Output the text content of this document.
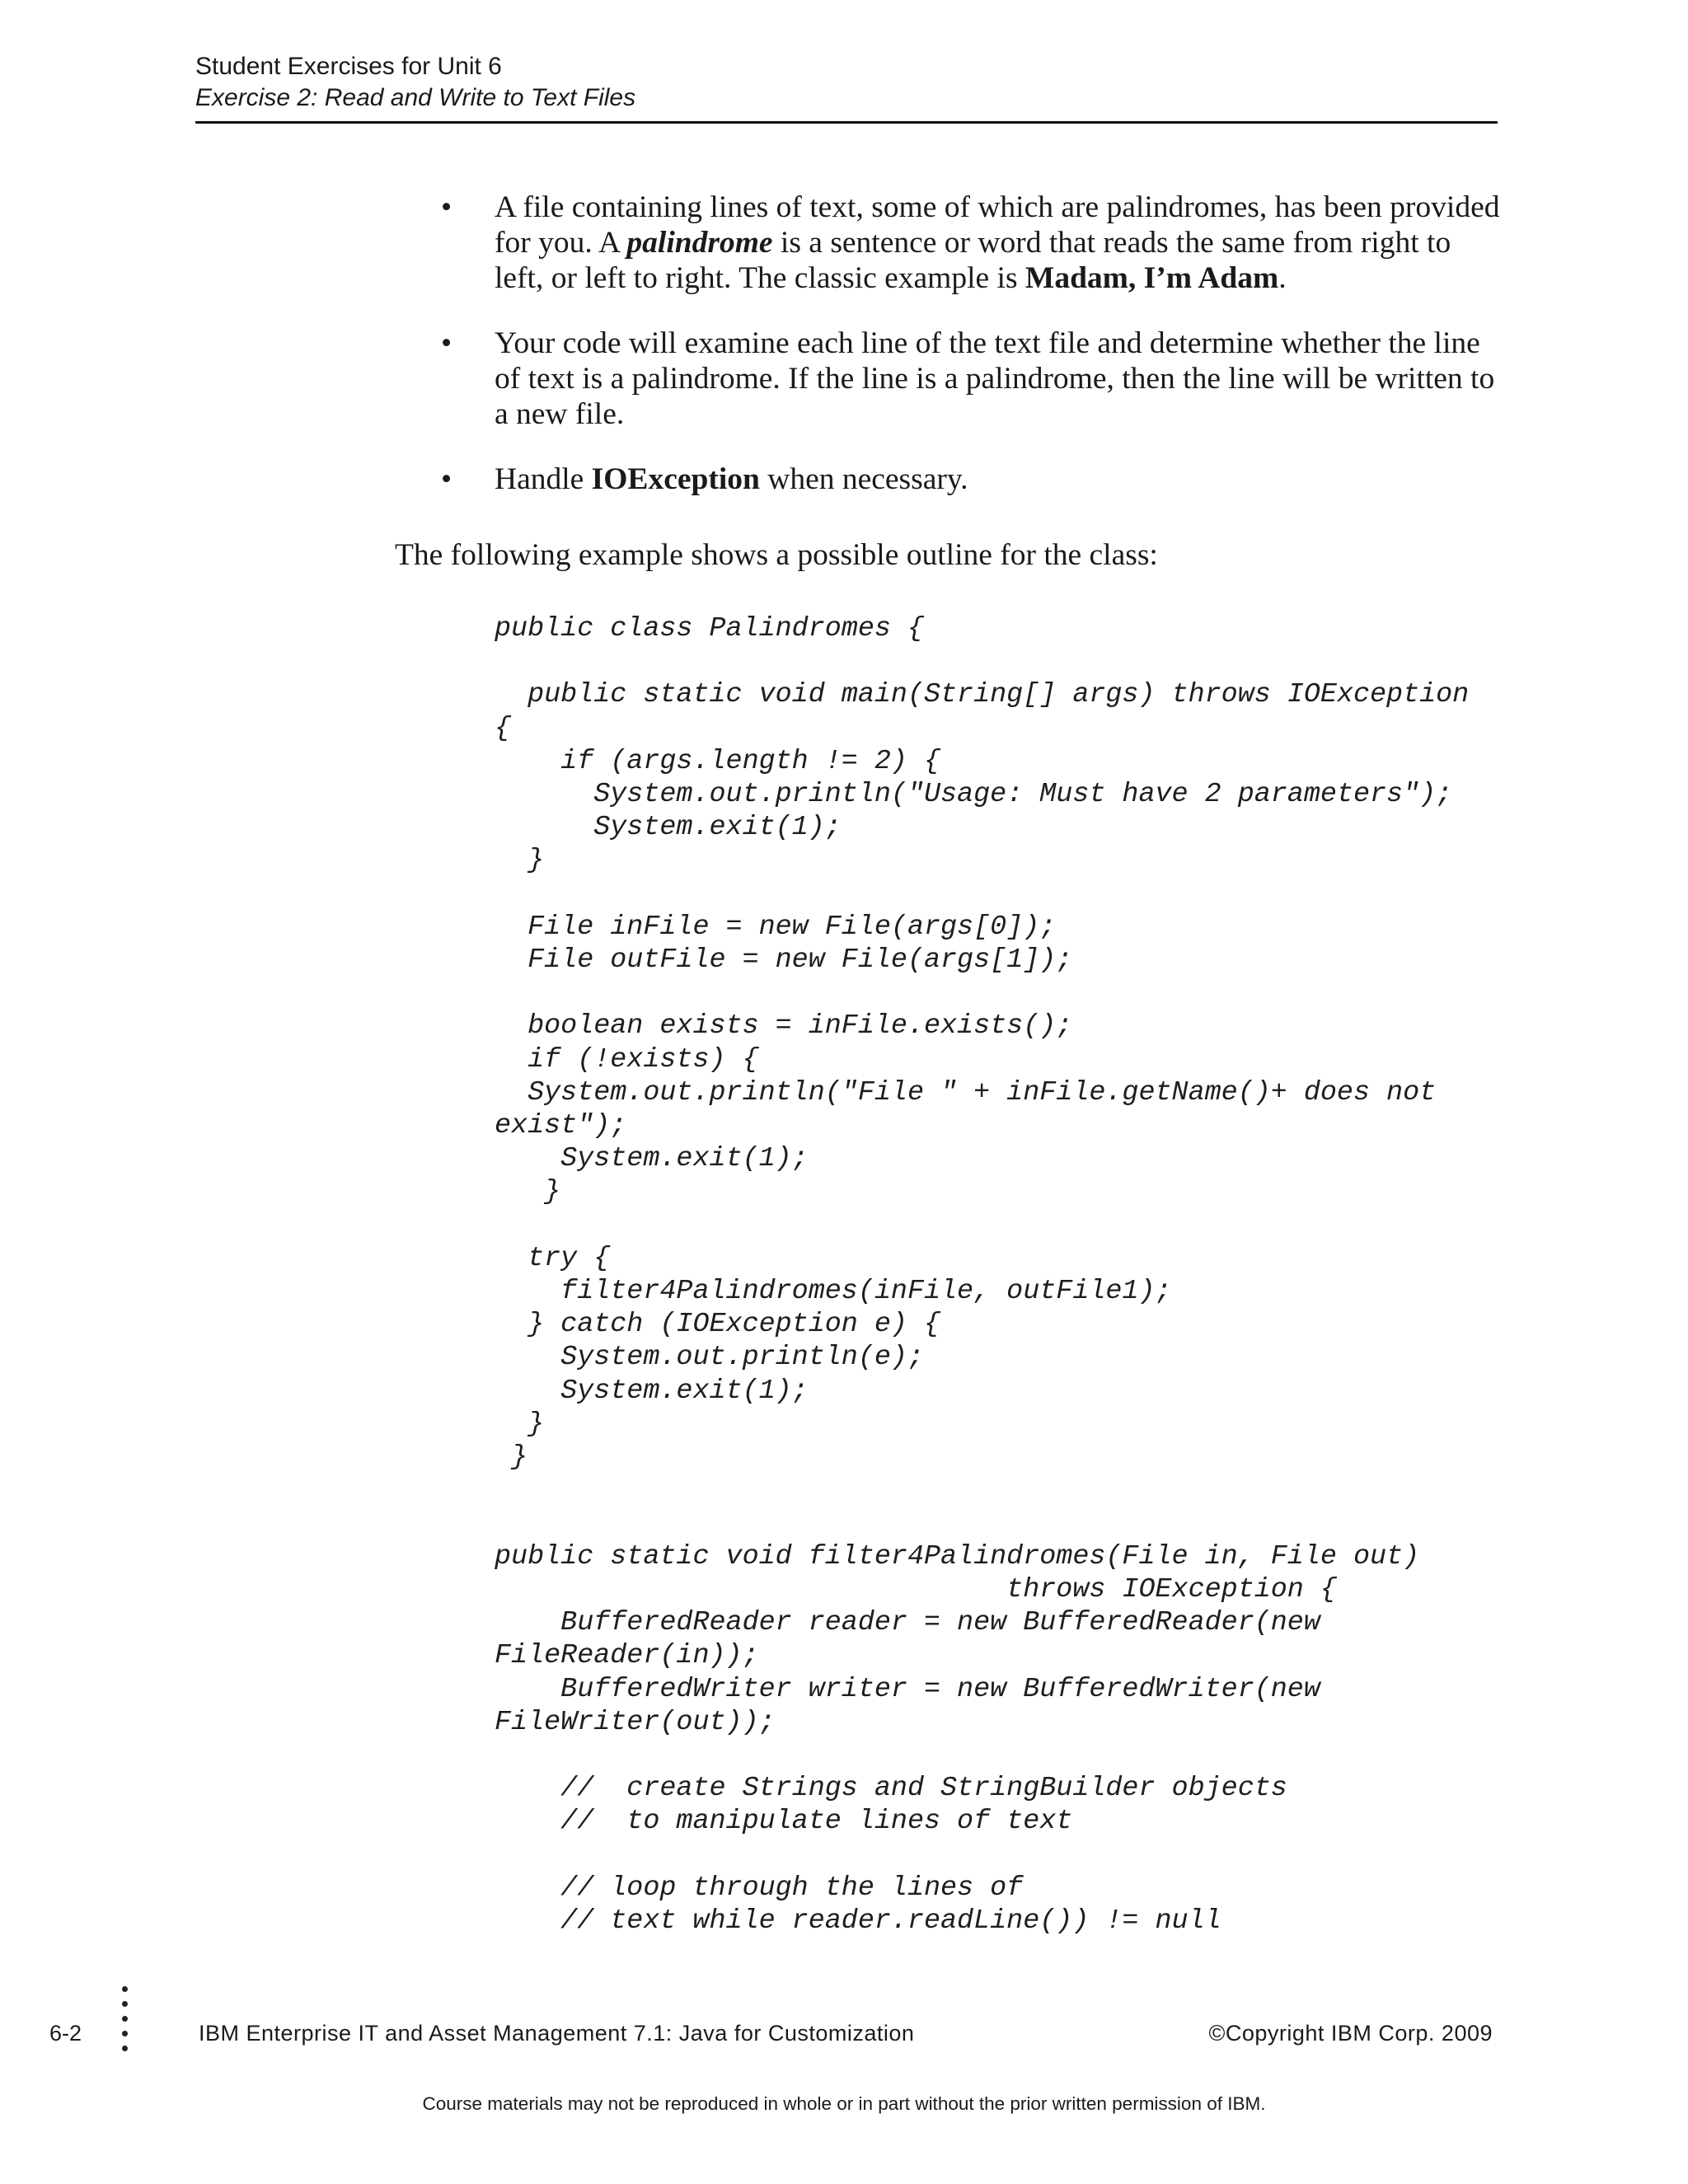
Student Exercises for Unit 6
Exercise 2: Read and Write to Text Files
• A file containing lines of text, some of which are palindromes, has been provided for you. A palindrome is a sentence or word that reads the same from right to left, or left to right. The classic example is Madam, I’m Adam.
• Your code will examine each line of the text file and determine whether the line of text is a palindrome. If the line is a palindrome, then the line will be written to a new file.
• Handle IOException when necessary.
The following example shows a possible outline for the class:
public class Palindromes {

public static void main(String[] args) throws IOException
{
if (args.length != 2) {
System.out.println("Usage: Must have 2 parameters");
System.exit(1);
}

File inFile = new File(args[0]);
File outFile = new File(args[1]);

boolean exists = inFile.exists();
if (!exists) {
System.out.println("File " + inFile.getName()+ does not
exist");
System.exit(1);
}

try {
filter4Palindromes(inFile, outFile1);
} catch (IOException e) {
System.out.println(e);
System.exit(1);
}
}

public static void filter4Palindromes(File in, File out)
throws IOException {
BufferedReader reader = new BufferedReader(new
FileReader(in));
BufferedWriter writer = new BufferedWriter(new
FileWriter(out));

//  create Strings and StringBuilder objects
//  to manipulate lines of text

// loop through the lines of
// text while reader.readLine()) != null

6-2	IBM Enterprise IT and Asset Management 7.1: Java for Customization	©Copyright IBM Corp. 2009
Course materials may not be reproduced in whole or in part without the prior written permission of IBM.
